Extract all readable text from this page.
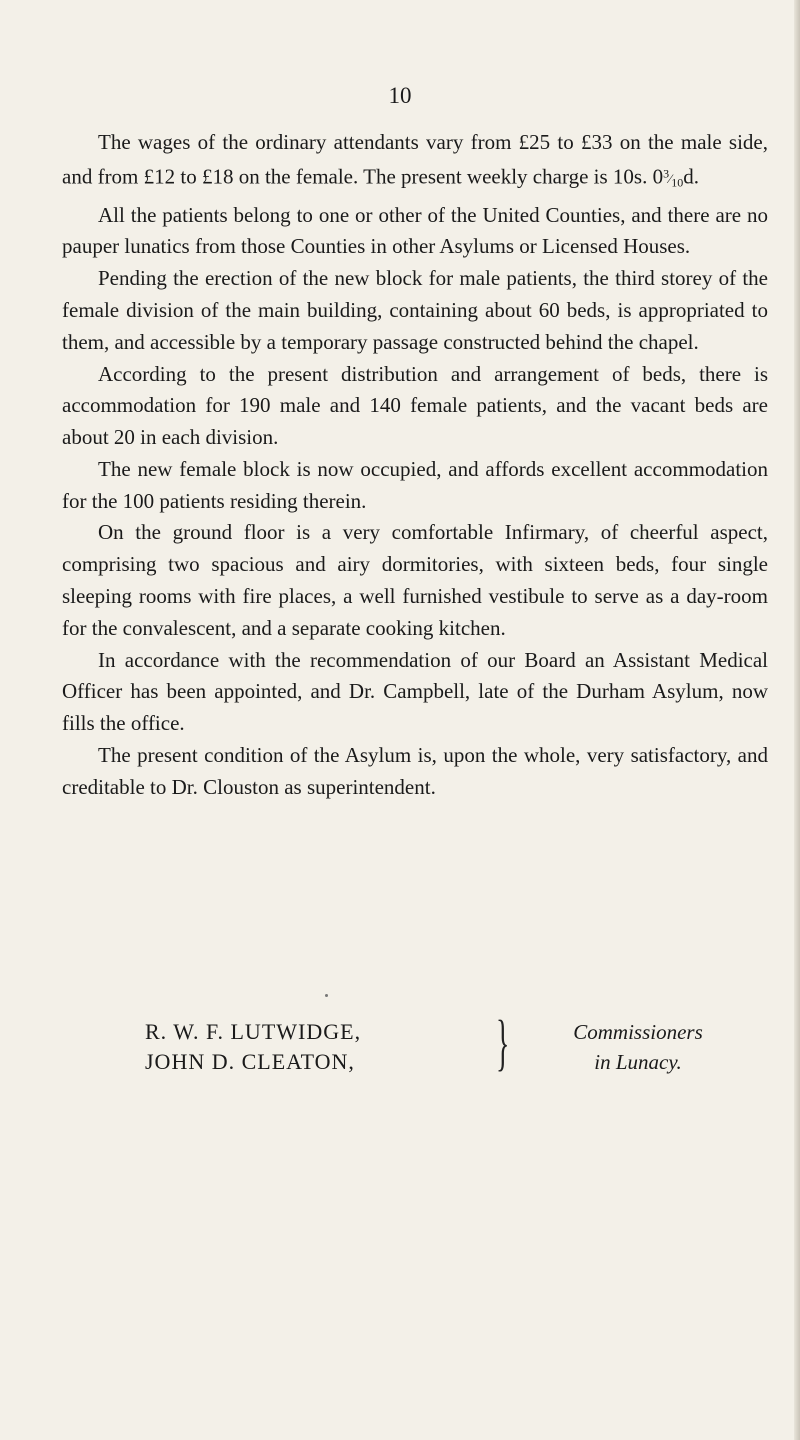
10

The wages of the ordinary attendants vary from £25 to £33 on the male side, and from £12 to £18 on the female. The present weekly charge is 10s. $0^3⁄_{10}d$.

All the patients belong to one or other of the United Counties, and there are no pauper lunatics from those Counties in other Asylums or Licensed Houses.

Pending the erection of the new block for male patients, the third storey of the female division of the main building, containing about 60 beds, is appropriated to them, and accessible by a temporary passage constructed behind the chapel.

According to the present distribution and arrangement of beds, there is accommodation for 190 male and 140 female patients, and the vacant beds are about 20 in each division.

The new female block is now occupied, and affords excellent accommodation for the 100 patients residing therein.

On the ground floor is a very comfortable Infirmary, of cheerful aspect, comprising two spacious and airy dormitories, with sixteen beds, four single sleeping rooms with fire places, a well furnished vestibule to serve as a day-room for the convalescent, and a separate cooking kitchen.

In accordance with the recommendation of our Board an Assistant Medical Officer has been appointed, and Dr. Campbell, late of the Durham Asylum, now fills the office.

The present condition of the Asylum is, upon the whole, very satisfactory, and creditable to Dr. Clouston as superintendent.

R. W. F. LUTWIDGE,
JOHN D. CLEATON, }	Commissioners
in Lunacy.
